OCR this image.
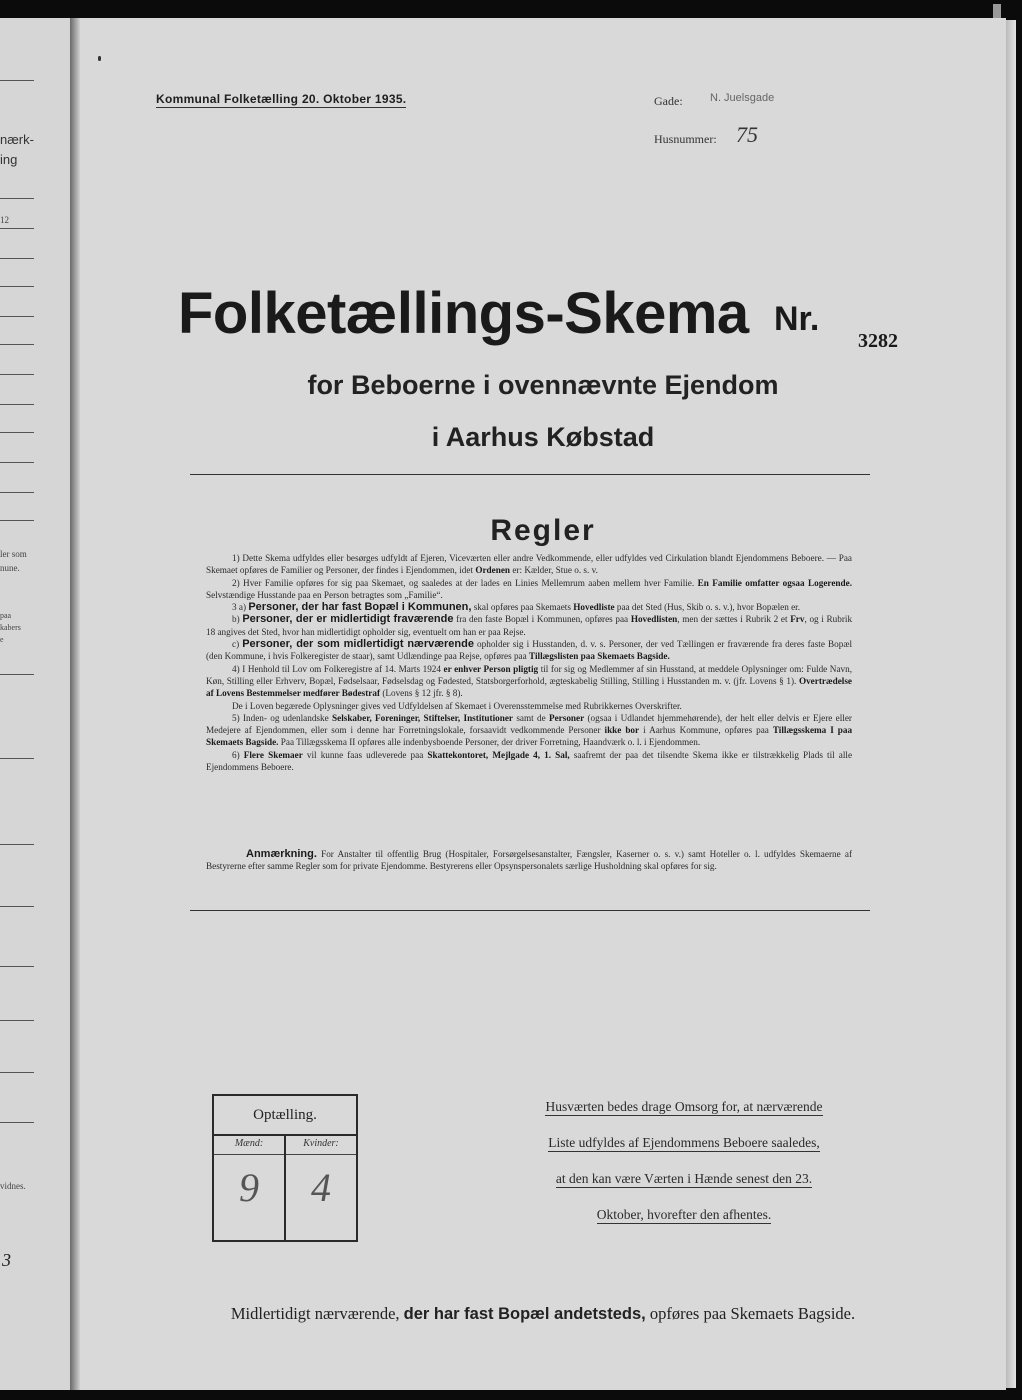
nærk-
ing
12
ler som
nune.
paa
kabers
e
vidnes.
3
Kommunal Folketælling 20. Oktober 1935.	Gade: N. Juelsgade
Husnummer: 75
Folketællings-Skema Nr.
3282
for Beboerne i ovennævnte Ejendom
i Aarhus Købstad
Regler

1) Dette Skema udfyldes eller besørges udfyldt af Ejeren, Viceværten eller andre Vedkommende, eller udfyldes ved Cirkulation blandt Ejendommens Beboere. — Paa Skemaet opføres de Familier og Personer, der findes i Ejendommen, idet Ordenen er: Kælder, Stue o. s. v.

2) Hver Familie opføres for sig paa Skemaet, og saaledes at der lades en Linies Mellemrum aaben mellem hver Familie. En Familie omfatter ogsaa Logerende. Selvstændige Husstande paa en Person betragtes som „Familie“.

3 a) Personer, der har fast Bopæl i Kommunen, skal opføres paa Skemaets Hovedliste paa det Sted (Hus, Skib o. s. v.), hvor Bopælen er.

b) Personer, der er midlertidigt fraværende fra den faste Bopæl i Kommunen, opføres paa Hovedlisten, men der sættes i Rubrik 2 et Frv, og i Rubrik 18 angives det Sted, hvor han midlertidigt opholder sig, eventuelt om han er paa Rejse.

c) Personer, der som midlertidigt nærværende opholder sig i Husstanden, d. v. s. Personer, der ved Tællingen er fraværende fra deres faste Bopæl (den Kommune, i hvis Folkeregister de staar), samt Udlændinge paa Rejse, opføres paa Tillægslisten paa Skemaets Bagside.

4) I Henhold til Lov om Folkeregistre af 14. Marts 1924 er enhver Person pligtig til for sig og Medlemmer af sin Husstand, at meddele Oplysninger om: Fulde Navn, Køn, Stilling eller Erhverv, Bopæl, Fødselsaar, Fødselsdag og Fødested, Statsborgerforhold, ægteskabelig Stilling, Stilling i Husstanden m. v. (jfr. Lovens § 1). Overtrædelse af Lovens Bestemmelser medfører Bødestraf (Lovens § 12 jfr. § 8).

De i Loven begærede Oplysninger gives ved Udfyldelsen af Skemaet i Overensstemmelse med Rubrikkernes Overskrifter.

5) Inden- og udenlandske Selskaber, Foreninger, Stiftelser, Institutioner samt de Personer (ogsaa i Udlandet hjemmehørende), der helt eller delvis er Ejere eller Medejere af Ejendommen, eller som i denne har Forretningslokale, forsaavidt vedkommende Personer ikke bor i Aarhus Kommune, opføres paa Tillægsskema I paa Skemaets Bagside. Paa Tillægsskema II opføres alle indenbysboende Personer, der driver Forretning, Haandværk o. l. i Ejendommen.

6) Flere Skemaer vil kunne faas udleverede paa Skattekontoret, Mejlgade 4, 1. Sal, saafremt der paa det tilsendte Skema ikke er tilstrækkelig Plads til alle Ejendommens Beboere.

Anmærkning. For Anstalter til offentlig Brug (Hospitaler, Forsørgelsesanstalter, Fængsler, Kaserner o. s. v.) samt Hoteller o. l. udfyldes Skemaerne af Bestyrerne efter samme Regler som for private Ejendomme. Bestyrerens eller Opsynspersonalets særlige Husholdning skal opføres for sig.

Optælling.
Mænd:
9
Kvinder:
4
Husværten bedes drage Omsorg for, at nærværende
Liste udfyldes af Ejendommens Beboere saaledes,
at den kan være Værten i Hænde senest den 23.
Oktober, hvorefter den afhentes.
Midlertidigt nærværende, der har fast Bopæl andetsteds, opføres paa Skemaets Bagside.
